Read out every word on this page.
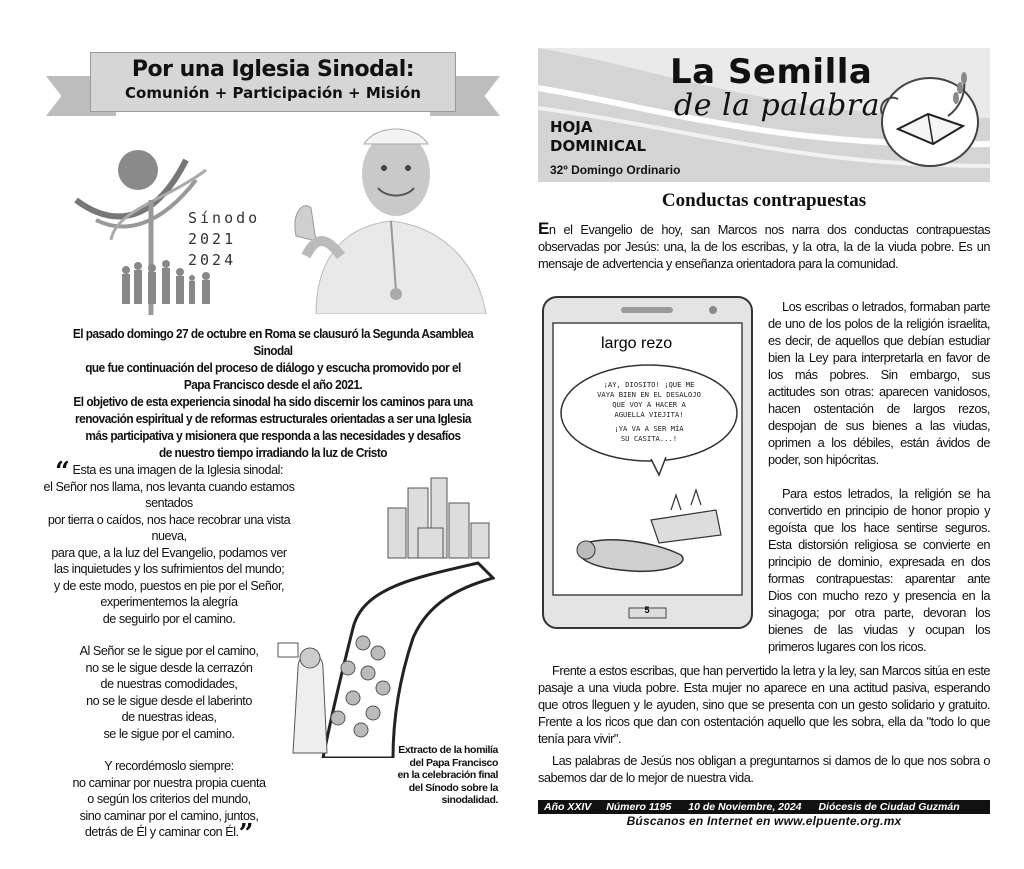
Por una Iglesia Sinodal:
Comunión + Participación + Misión
Sínodo
2021
2024
El pasado domingo 27 de octubre en Roma se clausuró la Segunda Asamblea Sinodal
que fue continuación del proceso de diálogo y escucha promovido por el
Papa Francisco desde el año 2021.
El objetivo de esta experiencia sinodal ha sido discernir los caminos para una
renovación espiritual y de reformas estructurales orientadas a ser una Iglesia
más participativa y misionera que responda a las necesidades y desafíos
de nuestro tiempo irradiando la luz de Cristo

“ Esta es una imagen de la Iglesia sinodal:
el Señor nos llama, nos levanta cuando estamos sentados
por tierra o caídos, nos hace recobrar una vista nueva,
para que, a la luz del Evangelio, podamos ver
las inquietudes y los sufrimientos del mundo;
y de este modo, puestos en pie por el Señor,
experimentemos la alegría
de seguirlo por el camino.

Al Señor se le sigue por el camino,
no se le sigue desde la cerrazón
de nuestras comodidades,
no se le sigue desde el laberinto
de nuestras ideas,
se le sigue por el camino.

Y recordémoslo siempre:
no caminar por nuestra propia cuenta
o según los criterios del mundo,
sino caminar por el camino, juntos,
detrás de Él y caminar con Él.”

Extracto de la homilía
del Papa Francisco
en la celebración final
del Sínodo sobre la sinodalidad.
La Semilla
de la palabra
HOJA
DOMINICAL
32º Domingo Ordinario
Conductas contrapuestas
En el Evangelio de hoy, san Marcos nos narra dos conductas contrapuestas observadas por Jesús: una, la de los escribas, y la otra, la de la viuda pobre. Es un mensaje de advertencia y enseñanza orientadora para la comunidad.
5
largo rezo
¡AY, DIOSITO! ¡QUE ME
VAYA BIEN EN EL DESALOJO
QUE VOY A HACER A
AGUELLA VIEJITA!
¡YA VA A SER MÍA
SU CASITA...!

Los escribas o letrados, formaban parte de uno de los polos de la religión israelita, es decir, de aquellos que debían estudiar bien la Ley para interpretarla en favor de los más pobres. Sin embargo, sus actitudes son otras: aparecen vanidosos, hacen ostentación de largos rezos, despojan de sus bienes a las viudas, oprimen a los débiles, están ávidos de poder, son hipócritas.

Para estos letrados, la religión se ha convertido en principio de honor propio y egoísta que los hace sentirse seguros. Esta distorsión religiosa se convierte en principio de dominio, expresada en dos formas contrapuestas: aparentar ante Dios con mucho rezo y presencia en la sinagoga; por otra parte, devoran los bienes de las viudas y ocupan los primeros lugares con los ricos.

Frente a estos escribas, que han pervertido la letra y la ley, san Marcos sitúa en este pasaje a una viuda pobre. Esta mujer no aparece en una actitud pasiva, esperando que otros lleguen y le ayuden, sino que se presenta con un gesto solidario y gratuito. Frente a los ricos que dan con ostentación aquello que les sobra, ella da "todo lo que tenía para vivir".
Las palabras de Jesús nos obligan a preguntarnos si damos de lo que nos sobra o sabemos dar de lo mejor de nuestra vida.
Año XXIV Número 1195 10 de Noviembre, 2024 Diócesis de Ciudad Guzmán
Búscanos en Internet en www.elpuente.org.mx
